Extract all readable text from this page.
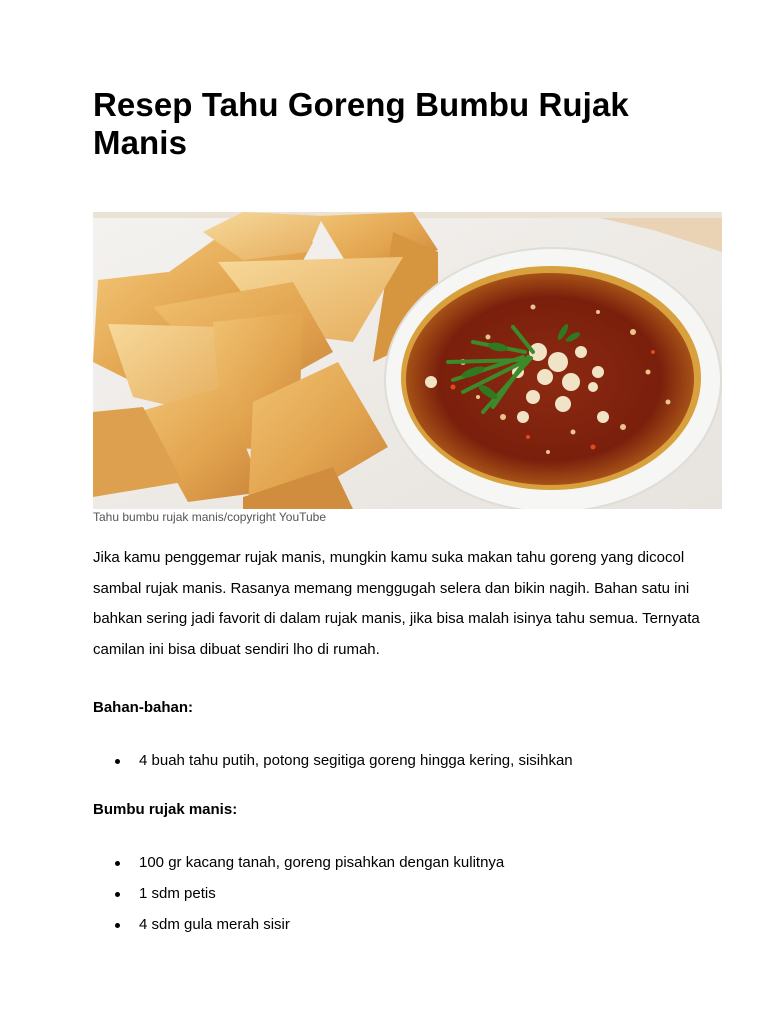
Resep Tahu Goreng Bumbu Rujak Manis
Tahu bumbu rujak manis/copyright YouTube

Jika kamu penggemar rujak manis, mungkin kamu suka makan tahu goreng yang dicocol sambal rujak manis. Rasanya memang menggugah selera dan bikin nagih. Bahan satu ini bahkan sering jadi favorit di dalam rujak manis, jika bisa malah isinya tahu semua. Ternyata camilan ini bisa dibuat sendiri lho di rumah.

Bahan-bahan:
4 buah tahu putih, potong segitiga goreng hingga kering, sisihkan
Bumbu rujak manis:
100 gr kacang tanah, goreng pisahkan dengan kulitnya
1 sdm petis
4 sdm gula merah sisir
